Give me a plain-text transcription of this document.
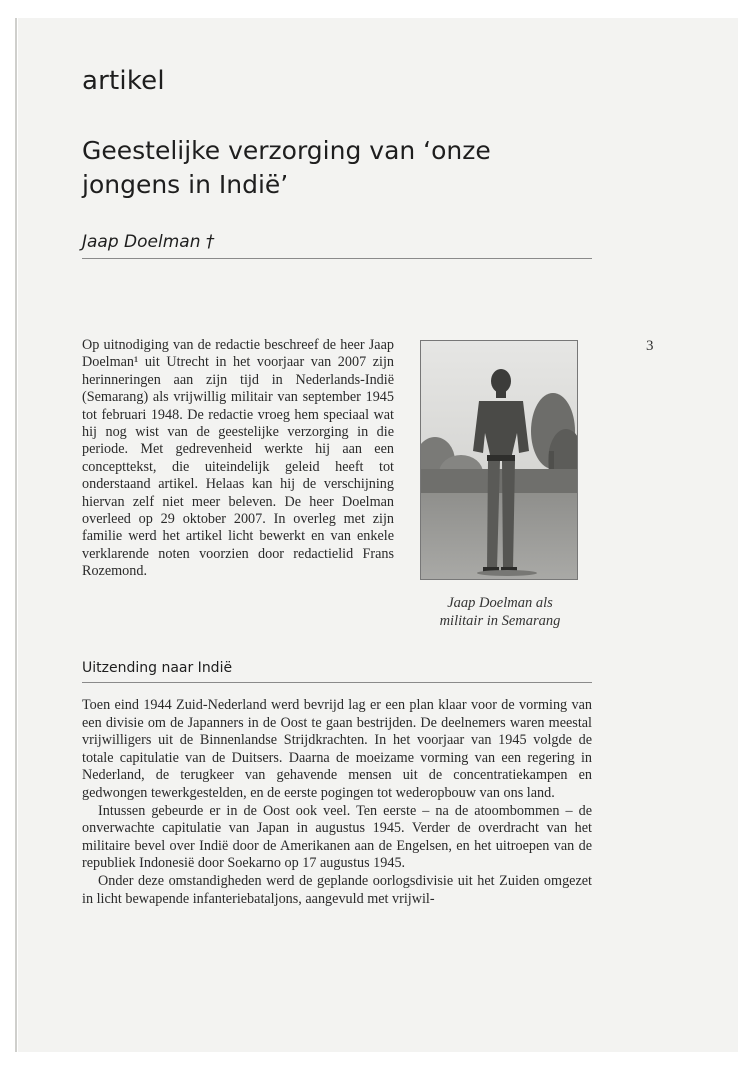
artikel
Geestelijke verzorging van ‘onze jongens in Indië’
Jaap Doelman †
3
Op uitnodiging van de redactie beschreef de heer Jaap Doelman¹ uit Utrecht in het voorjaar van 2007 zijn herinneringen aan zijn tijd in Nederlands-Indië (Semarang) als vrijwillig militair van september 1945 tot februari 1948. De redactie vroeg hem speciaal wat hij nog wist van de geestelijke verzorging in die periode. Met gedrevenheid werkte hij aan een concepttekst, die uiteindelijk geleid heeft tot onderstaand artikel. Helaas kan hij de verschijning hiervan zelf niet meer beleven. De heer Doelman overleed op 29 oktober 2007. In overleg met zijn familie werd het artikel licht bewerkt en van enkele verklarende noten voorzien door redactielid Frans Rozemond.
Jaap Doelman als
militair in Semarang
Uitzending naar Indië

Toen eind 1944 Zuid-Nederland werd bevrijd lag er een plan klaar voor de vorming van een divisie om de Japanners in de Oost te gaan bestrijden. De deelnemers waren meestal vrijwilligers uit de Binnenlandse Strijdkrachten. In het voorjaar van 1945 volgde de totale capitulatie van de Duitsers. Daarna de moeizame vorming van een regering in Nederland, de terugkeer van gehavende mensen uit de concentratiekampen en gedwongen tewerkgestelden, en de eerste pogingen tot wederopbouw van ons land.

Intussen gebeurde er in de Oost ook veel. Ten eerste – na de atoombommen – de onverwachte capitulatie van Japan in augustus 1945. Verder de overdracht van het militaire bevel over Indië door de Amerikanen aan de Engelsen, en het uitroepen van de republiek Indonesië door Soekarno op 17 augustus 1945.

Onder deze omstandigheden werd de geplande oorlogsdivisie uit het Zuiden omgezet in licht bewapende infanteriebataljons, aangevuld met vrijwil-
